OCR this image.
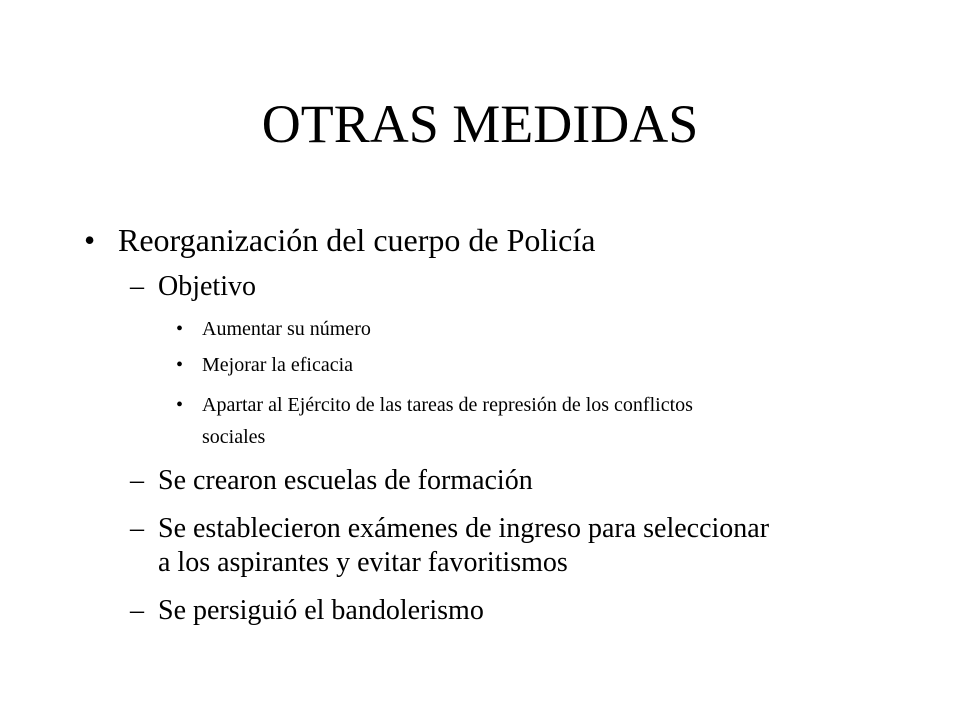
OTRAS MEDIDAS
• Reorganización del cuerpo de Policía
– Objetivo
• Aumentar su número
• Mejorar la eficacia
• Apartar al Ejército de las tareas de represión de los conflictos
sociales
– Se crearon escuelas de formación
– Se establecieron exámenes de ingreso para seleccionar
a los aspirantes y evitar favoritismos
– Se persiguió el bandolerismo
